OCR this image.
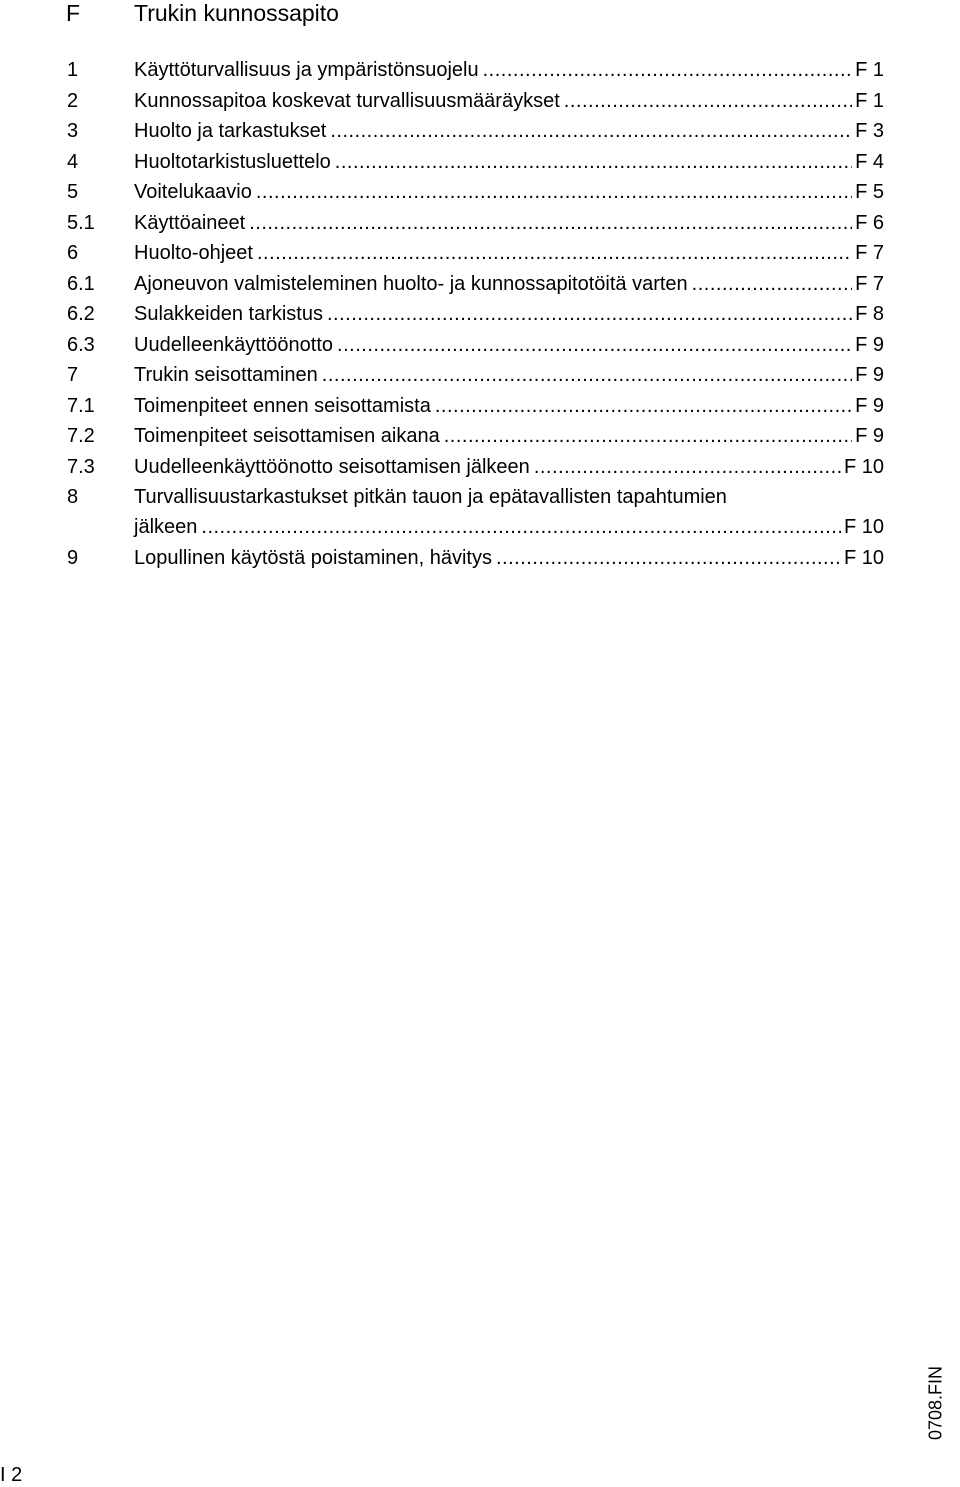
F Trukin kunnossapito
1	Käyttöturvallisuus ja ympäristönsuojelu .....	F 1
2	Kunnossapitoa koskevat turvallisuusmääräykset .....	F 1
3	Huolto ja tarkastukset .....	F 3
4	Huoltotarkistusluettelo .....	F 4
5	Voitelukaavio .....	F 5
5.1 Käyttöaineet .....	F 6
6	Huolto-ohjeet .....	F 7
6.1 Ajoneuvon valmisteleminen huolto- ja kunnossapitotöitä varten .....	F 7
6.2 Sulakkeiden tarkistus .....	F 8
6.3 Uudelleenkäyttöönotto .....	F 9
7	Trukin seisottaminen .....	F 9
7.1 Toimenpiteet ennen seisottamista .....	F 9
7.2 Toimenpiteet seisottamisen aikana .....	F 9
7.3 Uudelleenkäyttöönotto seisottamisen jälkeen .....	F 10
8	Turvallisuustarkastukset pitkän tauon ja epätavallisten tapahtumien
jälkeen .....	F 10
9	Lopullinen käytöstä poistaminen, hävitys .....	F 10
0708.FIN
I 2
